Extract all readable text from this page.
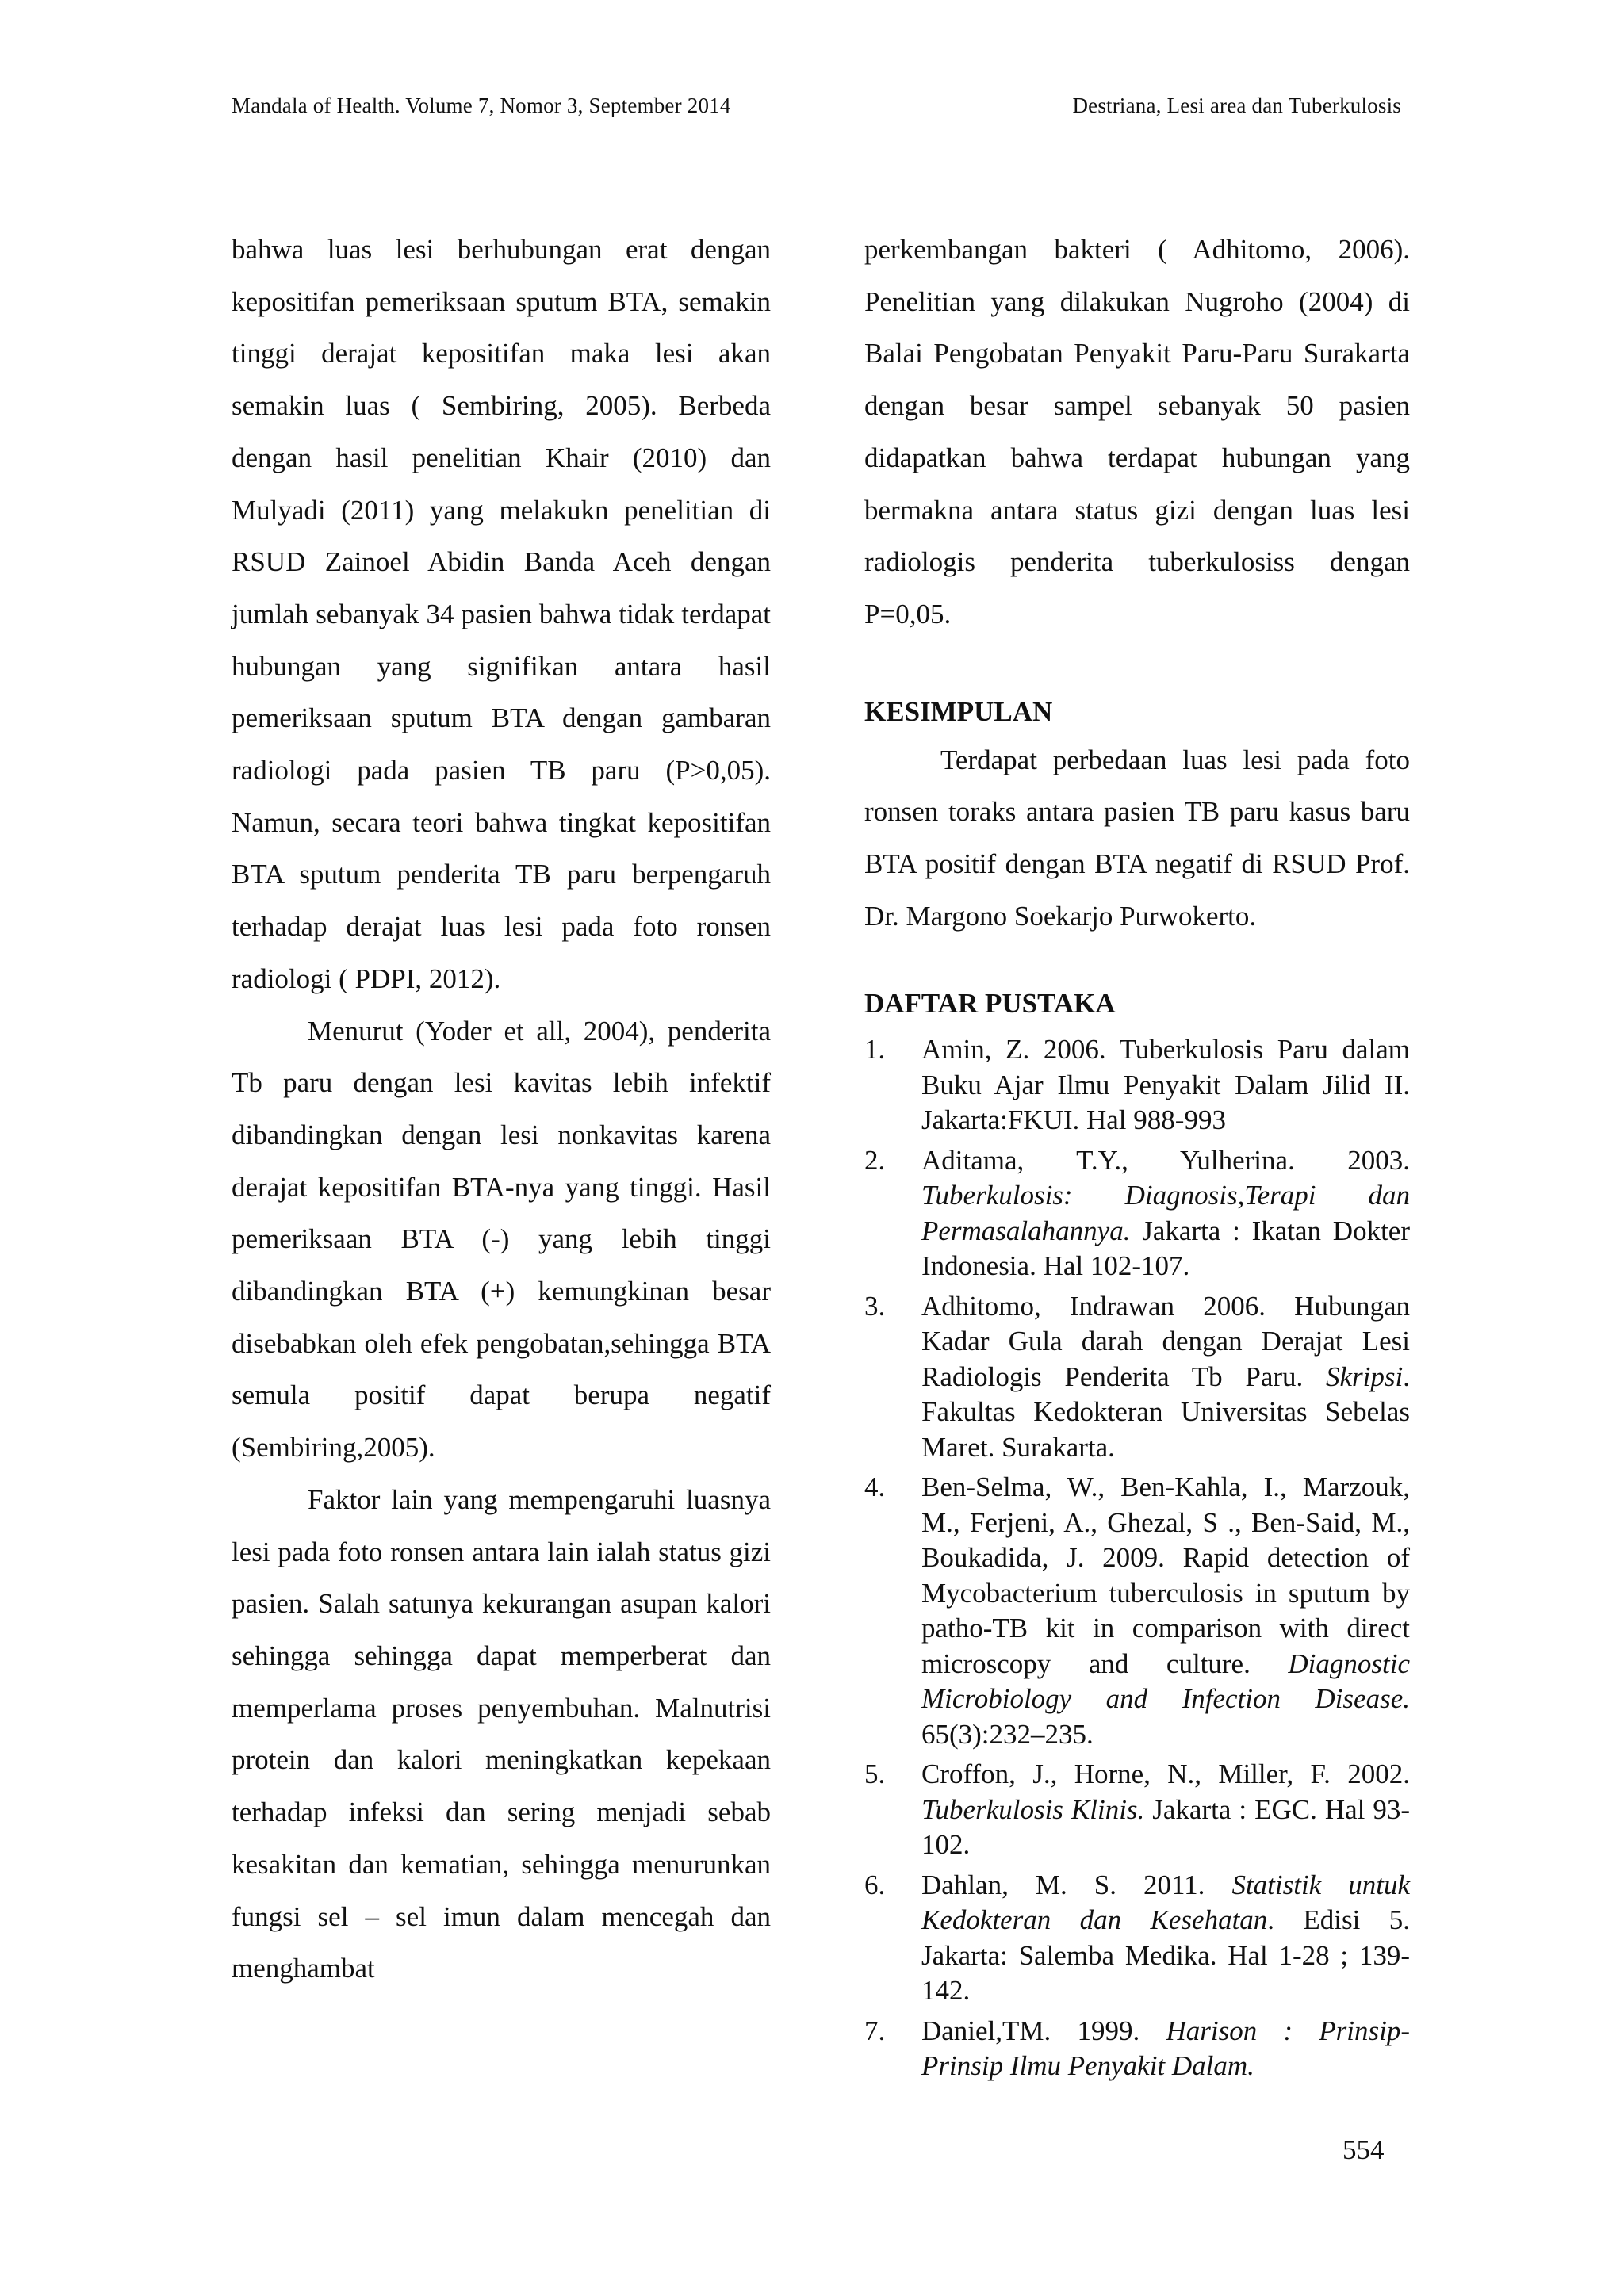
Mandala of Health. Volume 7, Nomor 3, September 2014	Destriana, Lesi area dan Tuberkulosis

bahwa luas lesi berhubungan erat dengan kepositifan pemeriksaan sputum BTA, semakin tinggi derajat kepositifan maka lesi akan semakin luas ( Sembiring, 2005). Berbeda dengan hasil penelitian Khair (2010) dan Mulyadi (2011) yang melakukn penelitian di RSUD Zainoel Abidin Banda Aceh dengan jumlah sebanyak 34 pasien bahwa tidak terdapat hubungan yang signifikan antara hasil pemeriksaan sputum BTA dengan gambaran radiologi pada pasien TB paru (P>0,05). Namun, secara teori bahwa tingkat kepositifan BTA sputum penderita TB paru berpengaruh terhadap derajat luas lesi pada foto ronsen radiologi ( PDPI, 2012).

Menurut (Yoder et all, 2004), penderita Tb paru dengan lesi kavitas lebih infektif dibandingkan dengan lesi nonkavitas karena derajat kepositifan BTA-nya yang tinggi. Hasil pemeriksaan BTA (-) yang lebih tinggi dibandingkan BTA (+) kemungkinan besar disebabkan oleh efek pengobatan,sehingga BTA semula positif dapat berupa negatif (Sembiring,2005).

Faktor lain yang mempengaruhi luasnya lesi pada foto ronsen antara lain ialah status gizi pasien. Salah satunya kekurangan asupan kalori sehingga sehingga dapat memperberat dan memperlama proses penyembuhan. Malnutrisi protein dan kalori meningkatkan kepekaan terhadap infeksi dan sering menjadi sebab kesakitan dan kematian, sehingga menurunkan fungsi sel – sel imun dalam mencegah dan menghambat

perkembangan bakteri ( Adhitomo, 2006). Penelitian yang dilakukan Nugroho (2004) di Balai Pengobatan Penyakit Paru-Paru Surakarta dengan besar sampel sebanyak 50 pasien didapatkan bahwa terdapat hubungan yang bermakna antara status gizi dengan luas lesi radiologis penderita tuberkulosiss dengan P=0,05.

KESIMPULAN

Terdapat perbedaan luas lesi pada foto ronsen toraks antara pasien TB paru kasus baru BTA positif dengan BTA negatif di RSUD Prof. Dr. Margono Soekarjo Purwokerto.

DAFTAR PUSTAKA
1. Amin, Z. 2006. Tuberkulosis Paru dalam Buku Ajar Ilmu Penyakit Dalam Jilid II. Jakarta:FKUI. Hal 988-993
2. Aditama, T.Y., Yulherina. 2003. Tuberkulosis: Diagnosis,Terapi dan Permasalahannya. Jakarta : Ikatan Dokter Indonesia. Hal 102-107.
3. Adhitomo, Indrawan 2006. Hubungan Kadar Gula darah dengan Derajat Lesi Radiologis Penderita Tb Paru. Skripsi. Fakultas Kedokteran Universitas Sebelas Maret. Surakarta.
4. Ben-Selma, W., Ben-Kahla, I., Marzouk, M., Ferjeni, A., Ghezal, S ., Ben-Said, M., Boukadida, J. 2009. Rapid detection of Mycobacterium tuberculosis in sputum by patho-TB kit in comparison with direct microscopy and culture. Diagnostic Microbiology and Infection Disease. 65(3):232–235.
5. Croffon, J., Horne, N., Miller, F. 2002. Tuberkulosis Klinis. Jakarta : EGC. Hal 93-102.
6. Dahlan, M. S. 2011. Statistik untuk Kedokteran dan Kesehatan. Edisi 5. Jakarta: Salemba Medika. Hal 1-28 ; 139-142.
7. Daniel,TM. 1999. Harison : Prinsip-Prinsip Ilmu Penyakit Dalam.
554
